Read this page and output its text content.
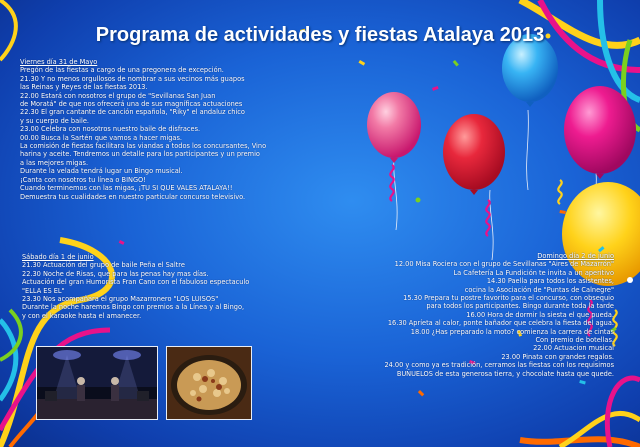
Programa de actividades y fiestas Atalaya 2013
Viernes día 31 de Mayo
Pregón de las fiestas a cargo de una pregonera de excepción.
21.30 Y no menos orgullosos de nombrar a sus vecinos más guapos
las Reinas y Reyes de las fiestas 2013.
22.00 Estará con nosotros el grupo de "Sevillanas San Juan
de Moratá" de que nos ofrecerá una de sus magníficas actuaciones
22.30 El gran cantante de canción española, "Riky" el andaluz chico
y su cuerpo de baile.
23.00 Celebra con nosotros nuestro baile de disfraces.
00.00 Busca la Sartén que vamos a hacer migas.
La comisión de fiestas facilitara las viandas a todos los concursantes, Vino
harina y aceite. Tendremos un detalle para los participantes y un premio
a las mejores migas.
Durante la velada tendrá lugar un Bingo musical.
¡Canta con nosotros tu línea o BINGO!
Cuando terminemos con las migas, ¡TU SI QUE VALES ATALAYA!!
Demuestra tus cualidades en nuestro particular concurso televisivo.
Sábado día 1 de junio
21.30 Actuación del grupo de baile Peña el Saltre
22.30 Noche de Risas, que para las penas hay mas días.
Actuación del gran Humorista Fran Cano con el fabuloso espectaculo
"ELLA ES EL"
23.30 Nos acompañara el grupo Mazarronero "LOS LUISOS"
Durante la noche haremos Bingo con premios a la Línea y al Bingo,
y con el karaoke hasta el amanecer.
Domingo día 2 de junio
12.00 Misa Rociera con el grupo de Sevillanas "Aires de Mazarrón"
La Cafetería La Fundición te invita a un aperitivo
14.30 Paella para todos los asistentes,
cocina la Asociación de "Puntas de Calnegre"
15.30 Prepara tu postre favorito para el concurso, con obsequio
para todos los participantes. Bingo durante toda la tarde
16.00 Hora de dormir la siesta el que pueda.
16.30 Apríeta al calor, ponte bañador que celebra la fiesta del agua.
18.00 ¿Has preparado la moto? comienza la carrera de cintas
Con premio de botellas.
22.00 Actuacion musical
23.00 Pinata con grandes regalos.
24.00 y como ya es tradición, cerramos las fiestas con los requisimos
BUÑUELOS de esta generosa tierra, y chocolate hasta que quede.
